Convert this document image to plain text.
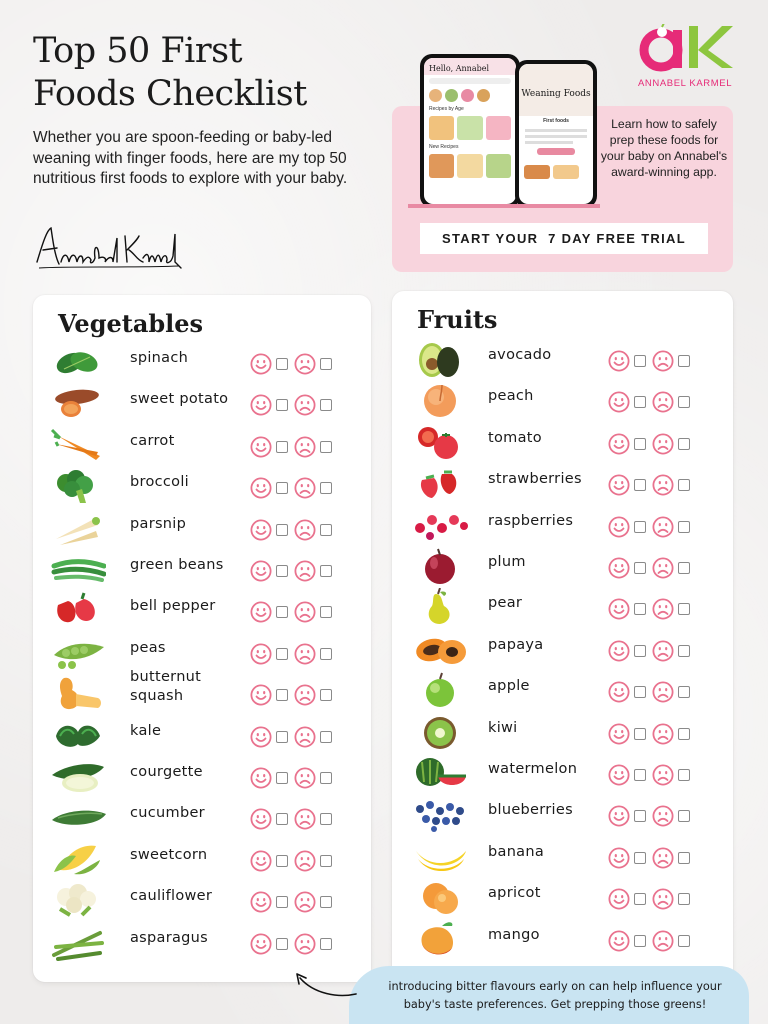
Top 50 First
Foods Checklist

Whether you are spoon-feeding or baby-led weaning with finger foods, here are my top 50 nutritious first foods to explore with your baby.

ANNABEL KARMEL
Hello, Annabel
Recipes by Age
New Recipes
Weaning Foods
First foods	Learn how to safely prep these foods for your baby on Annabel's award-winning app.

START YOUR  7 DAY FREE TRIAL
Vegetables	Fruits
spinach
sweet potato
carrot
broccoli
parsnip
green beans
bell pepper
peas
butternut squash
kale
courgette
cucumber
sweetcorn
cauliflower
asparagus
avocado
peach
tomato
strawberries
raspberries
plum
pear
papaya
apple
kiwi
watermelon
blueberries
banana
apricot
mango

introducing bitter flavours early on can help influence your baby's taste preferences. Get prepping those greens!
